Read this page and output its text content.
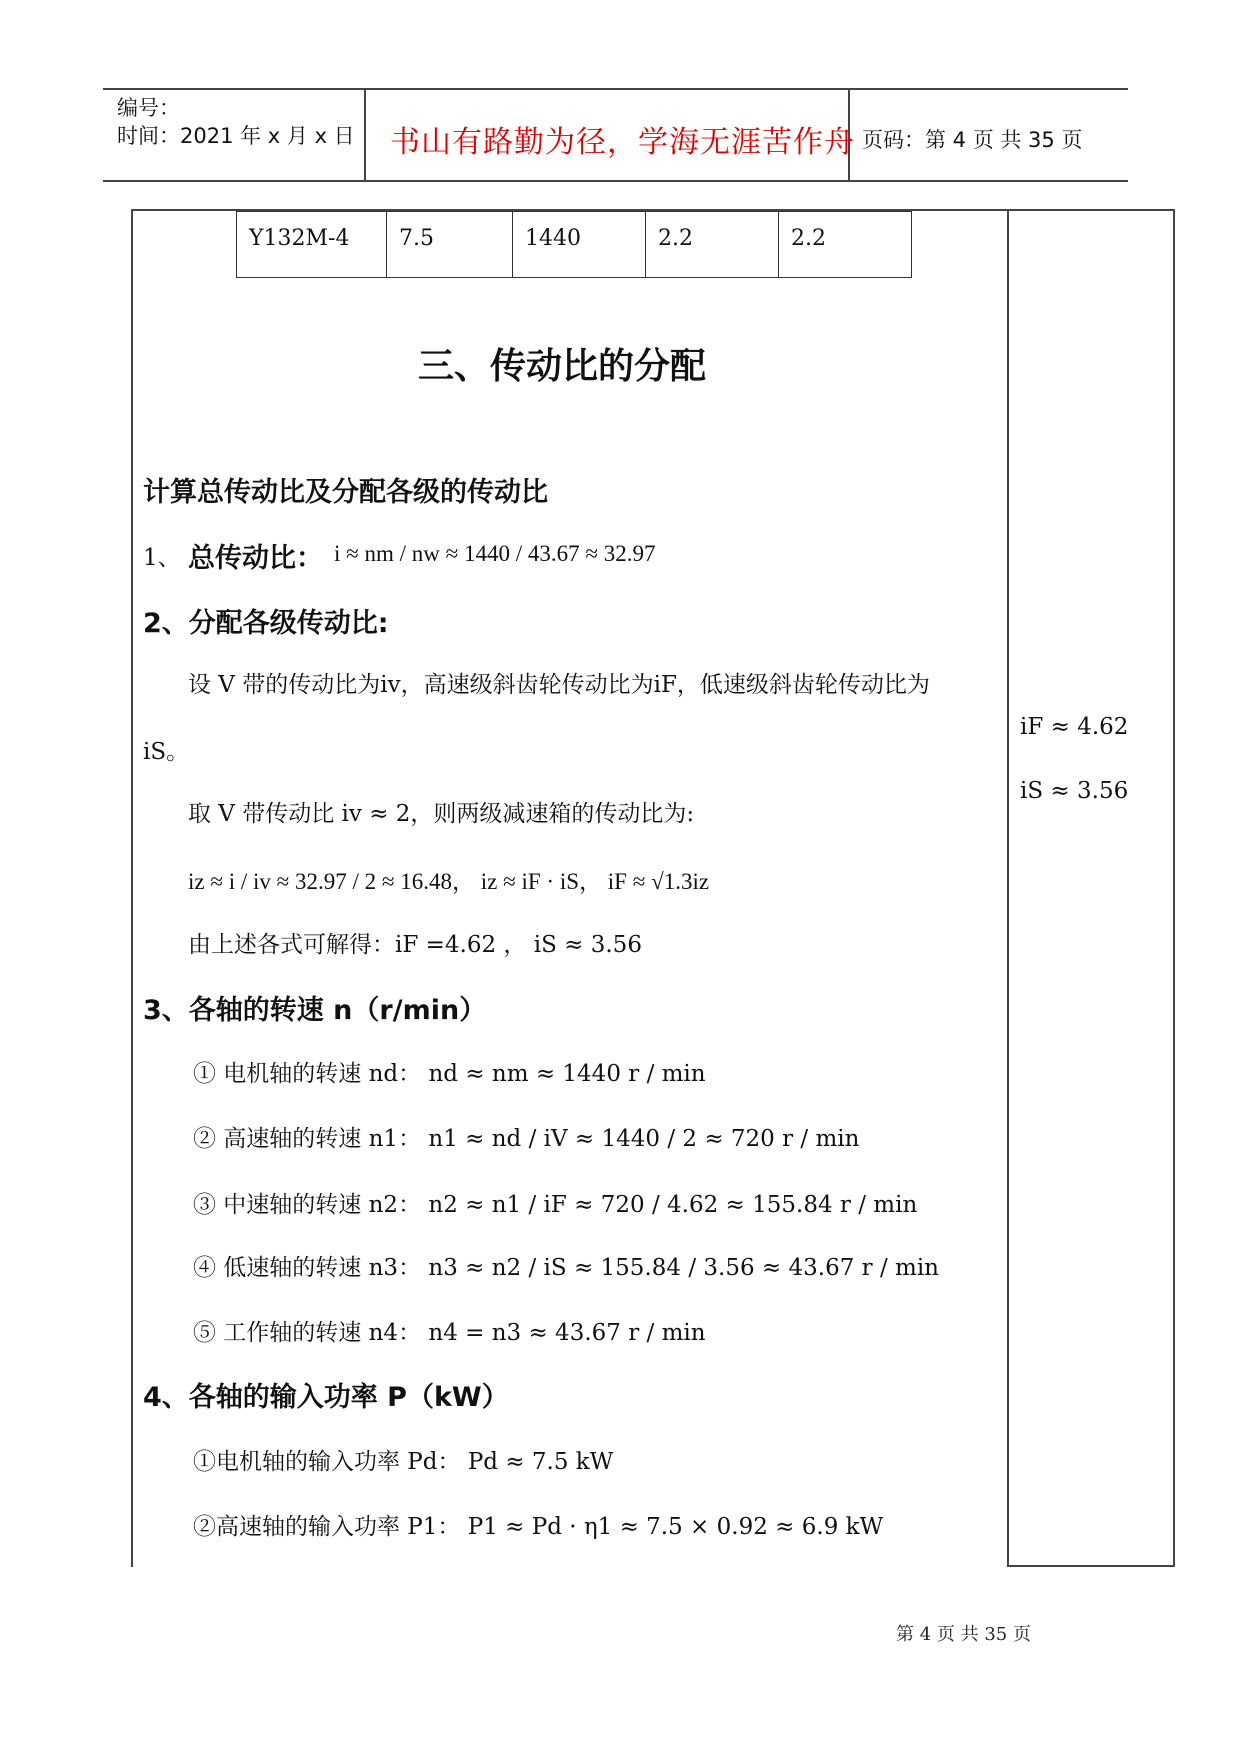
编号：
时间：2021 年 x 月 x 日 书山有路勤为径，学海无涯苦作舟 页码：第 4 页 共 35 页
Y132M-4	7.5	1440	2.2	2.2
三、传动比的分配
计算总传动比及分配各级的传动比
1、 总传动比： i ≈ nm / nw ≈ 1440 / 43.67 ≈ 32.97
2、分配各级传动比:
设 V 带的传动比为iv，高速级斜齿轮传动比为iF，低速级斜齿轮传动比为
iS。
取 V 带传动比 iv ≈ 2，则两级减速箱的传动比为:
iz ≈ i / iv ≈ 32.97 / 2 ≈ 16.48， iz ≈ iF · iS， iF ≈ √1.3iz
由上述各式可解得：iF =4.62 ， iS ≈ 3.56
3、各轴的转速 n（r/min）
① 电机轴的转速 nd： nd ≈ nm ≈ 1440 r / min
② 高速轴的转速 n1： n1 ≈ nd / iV ≈ 1440 / 2 ≈ 720 r / min
③ 中速轴的转速 n2： n2 ≈ n1 / iF ≈ 720 / 4.62 ≈ 155.84 r / min
④ 低速轴的转速 n3： n3 ≈ n2 / iS ≈ 155.84 / 3.56 ≈ 43.67 r / min
⑤ 工作轴的转速 n4： n4 = n3 ≈ 43.67 r / min
4、各轴的输入功率 P（kW）
①电机轴的输入功率 Pd： Pd ≈ 7.5 kW
②高速轴的输入功率 P1： P1 ≈ Pd · η1 ≈ 7.5 × 0.92 ≈ 6.9 kW
iF ≈ 4.62
iS ≈ 3.56
第 4 页 共 35 页
